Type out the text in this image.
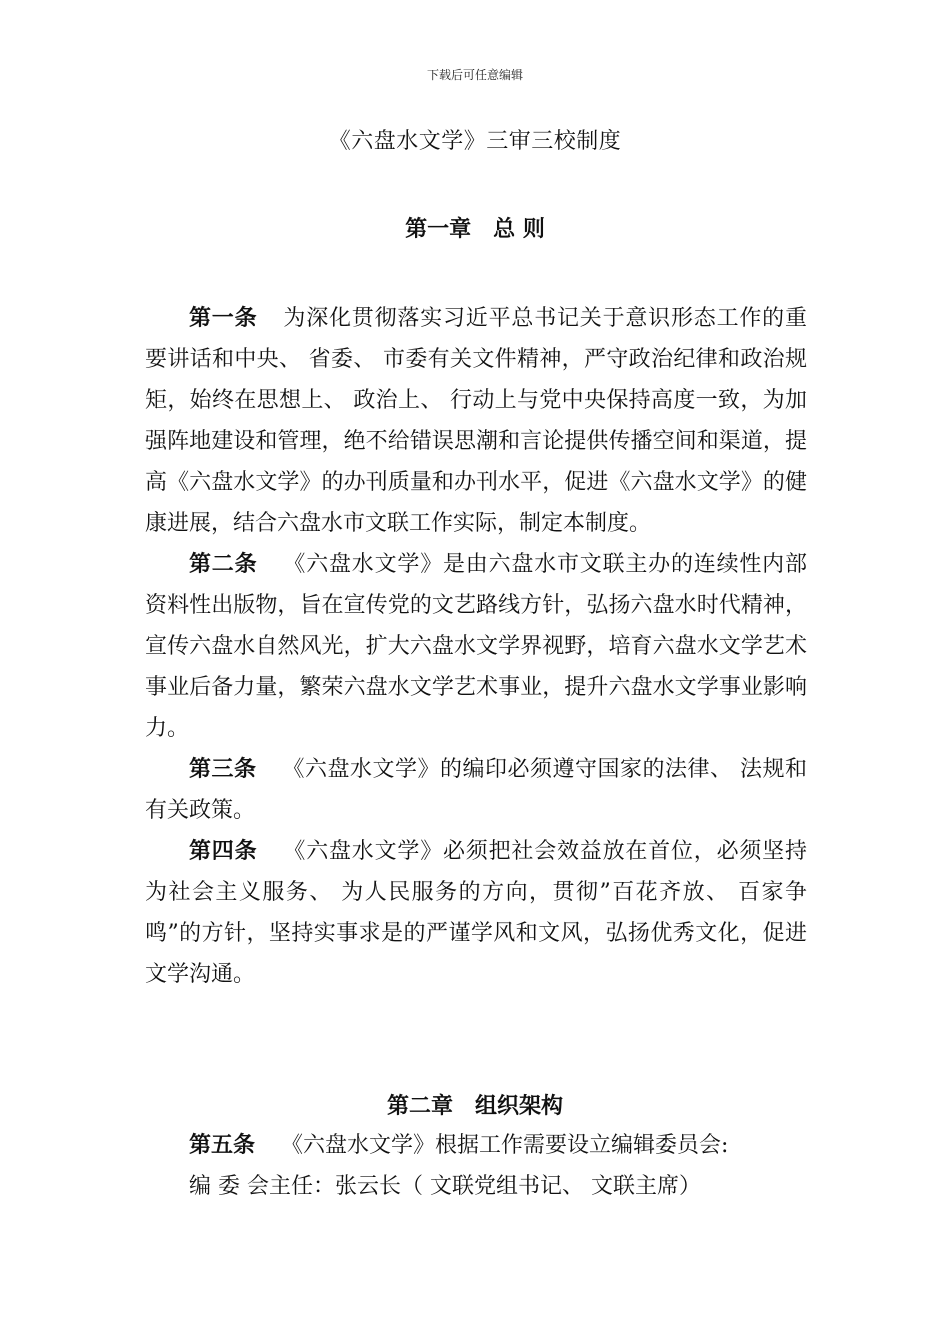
下载后可任意编辑
《六盘水文学》三审三校制度
第一章 总 则

第一条 为深化贯彻落实习近平总书记关于意识形态工作的重要讲话和中央、 省委、 市委有关文件精神，严守政治纪律和政治规矩，始终在思想上、 政治上、 行动上与党中央保持高度一致，为加强阵地建设和管理，绝不给错误思潮和言论提供传播空间和渠道，提高《六盘水文学》的办刊质量和办刊水平，促进《六盘水文学》的健康进展，结合六盘水市文联工作实际，制定本制度。

第二条 《六盘水文学》是由六盘水市文联主办的连续性内部资料性出版物，旨在宣传党的文艺路线方针，弘扬六盘水时代精神，宣传六盘水自然风光，扩大六盘水文学界视野，培育六盘水文学艺术事业后备力量，繁荣六盘水文学艺术事业，提升六盘水文学事业影响力。

第三条 《六盘水文学》的编印必须遵守国家的法律、 法规和有关政策。

第四条 《六盘水文学》必须把社会效益放在首位，必须坚持为社会主义服务、 为人民服务的方向，贯彻”百花齐放、 百家争鸣”的方针，坚持实事求是的严谨学风和文风，弘扬优秀文化，促进文学沟通。

第二章 组织架构

第五条 《六盘水文学》根据工作需要设立编辑委员会:

编 委 会主任：张云长（ 文联党组书记、 文联主席）
